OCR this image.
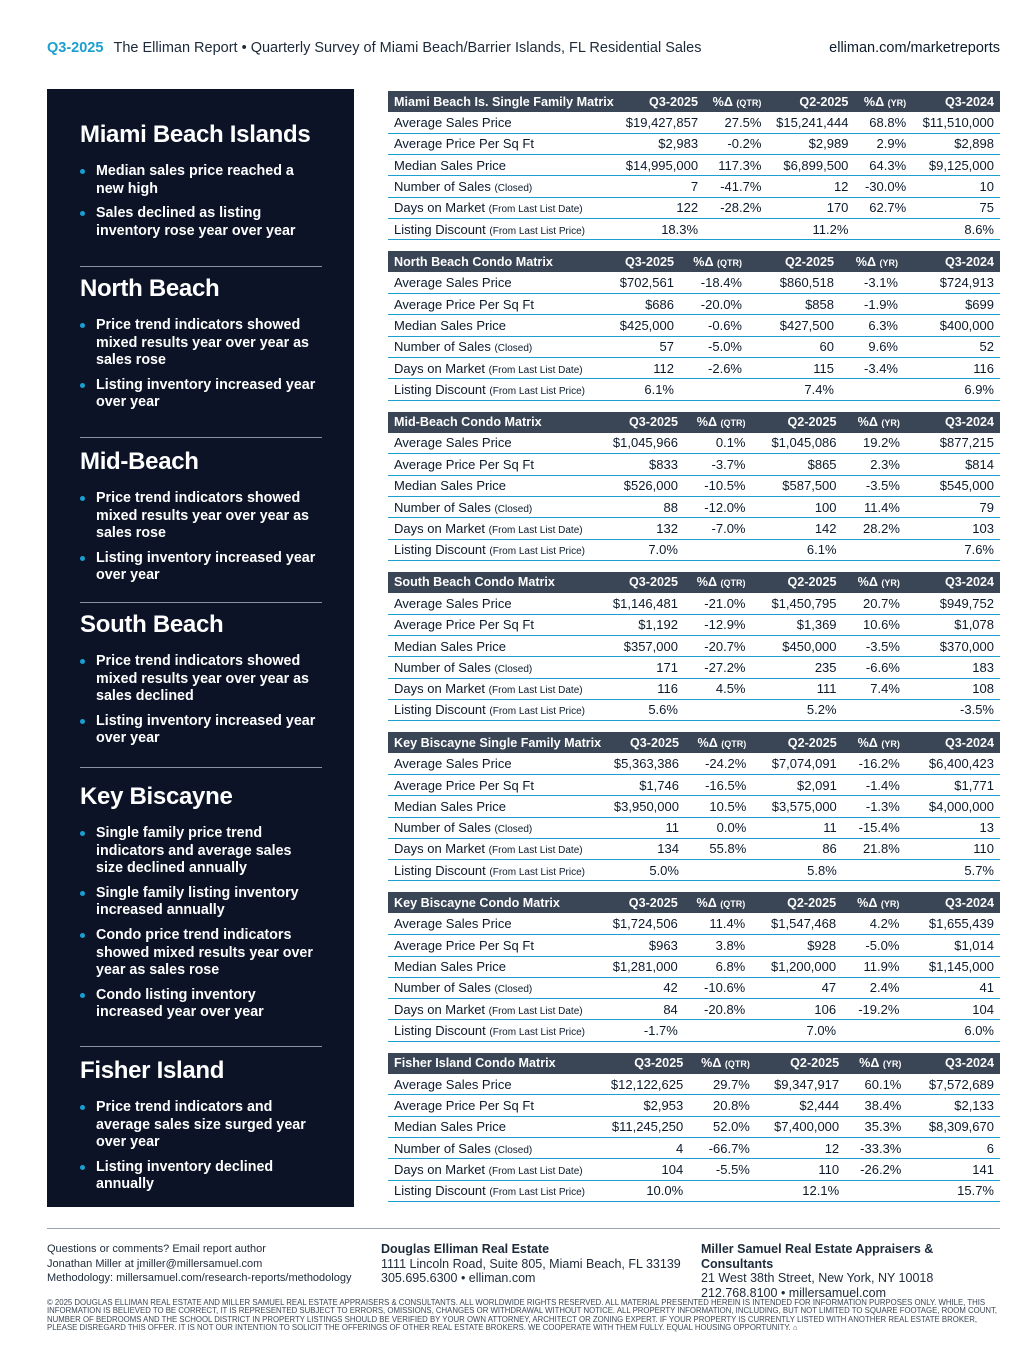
Q3-2025 The Elliman Report • Quarterly Survey of Miami Beach/Barrier Islands, FL Residential Sales	elliman.com/marketreports
Miami Beach Islands
Median sales price reached a new high
Sales declined as listing inventory rose year over year
North Beach
Price trend indicators showed mixed results year over year as sales rose
Listing inventory increased year over year
Mid-Beach
Price trend indicators showed mixed results year over year as sales rose
Listing inventory increased year over year
South Beach
Price trend indicators showed mixed results year over year as sales declined
Listing inventory increased year over year
Key Biscayne
Single family price trend indicators and average sales size declined annually
Single family listing inventory increased annually
Condo price trend indicators showed mixed results year over year as sales rose
Condo listing inventory increased year over year
Fisher Island
Price trend indicators and average sales size surged year over year
Listing inventory declined annually
Miami Beach Is. Single Family Matrix	Q3-2025	%Δ (QTR)	Q2-2025	%Δ (YR)	Q3-2024
Average Sales Price	$19,427,857	27.5%	$15,241,444	68.8%	$11,510,000
Average Price Per Sq Ft	$2,983	-0.2%	$2,989	2.9%	$2,898
Median Sales Price	$14,995,000	117.3%	$6,899,500	64.3%	$9,125,000
Number of Sales (Closed)	7	-41.7%	12	-30.0%	10
Days on Market (From Last List Date)	122	-28.2%	170	62.7%	75
Listing Discount (From Last List Price)	18.3%		11.2%		8.6%
North Beach Condo Matrix	Q3-2025	%Δ (QTR)	Q2-2025	%Δ (YR)	Q3-2024
Average Sales Price	$702,561	-18.4%	$860,518	-3.1%	$724,913
Average Price Per Sq Ft	$686	-20.0%	$858	-1.9%	$699
Median Sales Price	$425,000	-0.6%	$427,500	6.3%	$400,000
Number of Sales (Closed)	57	-5.0%	60	9.6%	52
Days on Market (From Last List Date)	112	-2.6%	115	-3.4%	116
Listing Discount (From Last List Price)	6.1%		7.4%		6.9%
Mid-Beach Condo Matrix	Q3-2025	%Δ (QTR)	Q2-2025	%Δ (YR)	Q3-2024
Average Sales Price	$1,045,966	0.1%	$1,045,086	19.2%	$877,215
Average Price Per Sq Ft	$833	-3.7%	$865	2.3%	$814
Median Sales Price	$526,000	-10.5%	$587,500	-3.5%	$545,000
Number of Sales (Closed)	88	-12.0%	100	11.4%	79
Days on Market (From Last List Date)	132	-7.0%	142	28.2%	103
Listing Discount (From Last List Price)	7.0%		6.1%		7.6%
South Beach Condo Matrix	Q3-2025	%Δ (QTR)	Q2-2025	%Δ (YR)	Q3-2024
Average Sales Price	$1,146,481	-21.0%	$1,450,795	20.7%	$949,752
Average Price Per Sq Ft	$1,192	-12.9%	$1,369	10.6%	$1,078
Median Sales Price	$357,000	-20.7%	$450,000	-3.5%	$370,000
Number of Sales (Closed)	171	-27.2%	235	-6.6%	183
Days on Market (From Last List Date)	116	4.5%	111	7.4%	108
Listing Discount (From Last List Price)	5.6%		5.2%		-3.5%
Key Biscayne Single Family Matrix	Q3-2025	%Δ (QTR)	Q2-2025	%Δ (YR)	Q3-2024
Average Sales Price	$5,363,386	-24.2%	$7,074,091	-16.2%	$6,400,423
Average Price Per Sq Ft	$1,746	-16.5%	$2,091	-1.4%	$1,771
Median Sales Price	$3,950,000	10.5%	$3,575,000	-1.3%	$4,000,000
Number of Sales (Closed)	11	0.0%	11	-15.4%	13
Days on Market (From Last List Date)	134	55.8%	86	21.8%	110
Listing Discount (From Last List Price)	5.0%		5.8%		5.7%
Key Biscayne Condo Matrix	Q3-2025	%Δ (QTR)	Q2-2025	%Δ (YR)	Q3-2024
Average Sales Price	$1,724,506	11.4%	$1,547,468	4.2%	$1,655,439
Average Price Per Sq Ft	$963	3.8%	$928	-5.0%	$1,014
Median Sales Price	$1,281,000	6.8%	$1,200,000	11.9%	$1,145,000
Number of Sales (Closed)	42	-10.6%	47	2.4%	41
Days on Market (From Last List Date)	84	-20.8%	106	-19.2%	104
Listing Discount (From Last List Price)	-1.7%		7.0%		6.0%
Fisher Island Condo Matrix	Q3-2025	%Δ (QTR)	Q2-2025	%Δ (YR)	Q3-2024
Average Sales Price	$12,122,625	29.7%	$9,347,917	60.1%	$7,572,689
Average Price Per Sq Ft	$2,953	20.8%	$2,444	38.4%	$2,133
Median Sales Price	$11,245,250	52.0%	$7,400,000	35.3%	$8,309,670
Number of Sales (Closed)	4	-66.7%	12	-33.3%	6
Days on Market (From Last List Date)	104	-5.5%	110	-26.2%	141
Listing Discount (From Last List Price)	10.0%		12.1%		15.7%
Questions or comments? Email report author
Jonathan Miller at jmiller@millersamuel.com
Methodology: millersamuel.com/research-reports/methodology
Douglas Elliman Real Estate
1111 Lincoln Road, Suite 805, Miami Beach, FL 33139
305.695.6300 • elliman.com
Miller Samuel Real Estate Appraisers & Consultants
21 West 38th Street, New York, NY 10018
212.768.8100 • millersamuel.com
© 2025 DOUGLAS ELLIMAN REAL ESTATE AND MILLER SAMUEL REAL ESTATE APPRAISERS & CONSULTANTS. ALL WORLDWIDE RIGHTS RESERVED. ALL MATERIAL PRESENTED HEREIN IS INTENDED FOR INFORMATION PURPOSES ONLY. WHILE, THIS INFORMATION IS BELIEVED TO BE CORRECT, IT IS REPRESENTED SUBJECT TO ERRORS, OMISSIONS, CHANGES OR WITHDRAWAL WITHOUT NOTICE. ALL PROPERTY INFORMATION, INCLUDING, BUT NOT LIMITED TO SQUARE FOOTAGE, ROOM COUNT, NUMBER OF BEDROOMS AND THE SCHOOL DISTRICT IN PROPERTY LISTINGS SHOULD BE VERIFIED BY YOUR OWN ATTORNEY, ARCHITECT OR ZONING EXPERT. IF YOUR PROPERTY IS CURRENTLY LISTED WITH ANOTHER REAL ESTATE BROKER, PLEASE DISREGARD THIS OFFER. IT IS NOT OUR INTENTION TO SOLICIT THE OFFERINGS OF OTHER REAL ESTATE BROKERS. WE COOPERATE WITH THEM FULLY. EQUAL HOUSING OPPORTUNITY. ⌂
